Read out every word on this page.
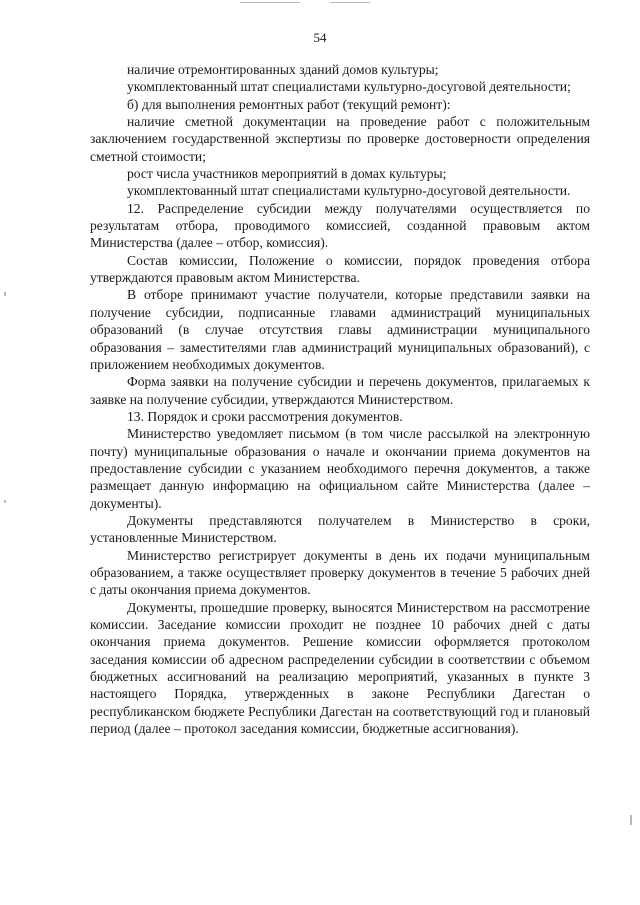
54

наличие отремонтированных зданий домов культуры;

укомплектованный штат специалистами культурно-досуговой деятельности;

б) для выполнения ремонтных работ (текущий ремонт):

наличие сметной документации на проведение работ с положительным заключением государственной экспертизы по проверке достоверности определения сметной стоимости;

рост числа участников мероприятий в домах культуры;

укомплектованный штат специалистами культурно-досуговой деятельности.

12. Распределение субсидии между получателями осуществляется по результатам отбора, проводимого комиссией, созданной правовым актом Министерства (далее – отбор, комиссия).

Состав комиссии, Положение о комиссии, порядок проведения отбора утверждаются правовым актом Министерства.

В отборе принимают участие получатели, которые представили заявки на получение субсидии, подписанные главами администраций муниципальных образований (в случае отсутствия главы администрации муниципального образования – заместителями глав администраций муниципальных образований), с приложением необходимых документов.

Форма заявки на получение субсидии и перечень документов, прилагаемых к заявке на получение субсидии, утверждаются Министерством.

13. Порядок и сроки рассмотрения документов.

Министерство уведомляет письмом (в том числе рассылкой на электронную почту) муниципальные образования о начале и окончании приема документов на предоставление субсидии с указанием необходимого перечня документов, а также размещает данную информацию на официальном сайте Министерства (далее – документы).

Документы представляются получателем в Министерство в сроки, установленные Министерством.

Министерство регистрирует документы в день их подачи муниципальным образованием, а также осуществляет проверку документов в течение 5 рабочих дней с даты окончания приема документов.

Документы, прошедшие проверку, выносятся Министерством на рассмотрение комиссии. Заседание комиссии проходит не позднее 10 рабочих дней с даты окончания приема документов. Решение комиссии оформляется протоколом заседания комиссии об адресном распределении субсидии в соответствии с объемом бюджетных ассигнований на реализацию мероприятий, указанных в пункте 3 настоящего Порядка, утвержденных в законе Республики Дагестан о республиканском бюджете Республики Дагестан на соответствующий год и плановый период (далее – протокол заседания комиссии, бюджетные ассигнования).
